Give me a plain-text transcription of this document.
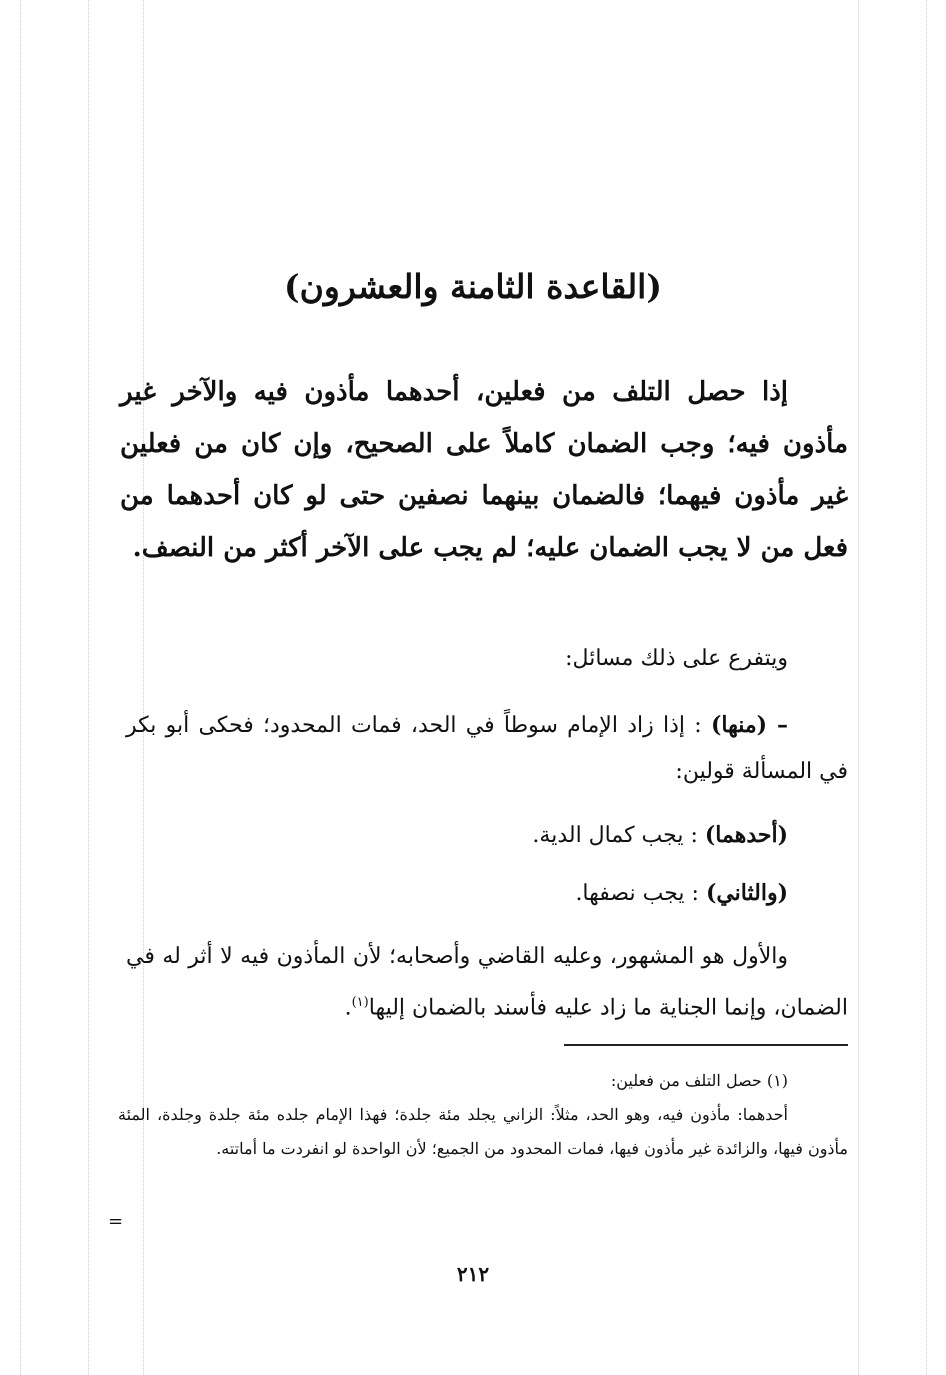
(القاعدة الثامنة والعشرون)
إذا حصل التلف من فعلين، أحدهما مأذون فيه والآخر غير مأذون فيه؛ وجب الضمان كاملاً على الصحيح، وإن كان من فعلين غير مأذون فيهما؛ فالضمان بينهما نصفين حتى لو كان أحدهما من فعل من لا يجب الضمان عليه؛ لم يجب على الآخر أكثر من النصف.
ويتفرع على ذلك مسائل:
– (منها) : إذا زاد الإمام سوطاً في الحد، فمات المحدود؛ فحكى أبو بكر في المسألة قولين:
(أحدهما) : يجب كمال الدية.
(والثاني) : يجب نصفها.
والأول هو المشهور، وعليه القاضي وأصحابه؛ لأن المأذون فيه لا أثر له في الضمان، وإنما الجناية ما زاد عليه فأسند بالضمان إليها$^{(١)}$.

(١) حصل التلف من فعلين:

أحدهما: مأذون فيه، وهو الحد، مثلاً: الزاني يجلد مئة جلدة؛ فهذا الإمام جلده مئة جلدة وجلدة، المئة مأذون فيها، والزائدة غير مأذون فيها، فمات المحدود من الجميع؛ لأن الواحدة لو انفردت ما أماتته.

=
٢١٢
